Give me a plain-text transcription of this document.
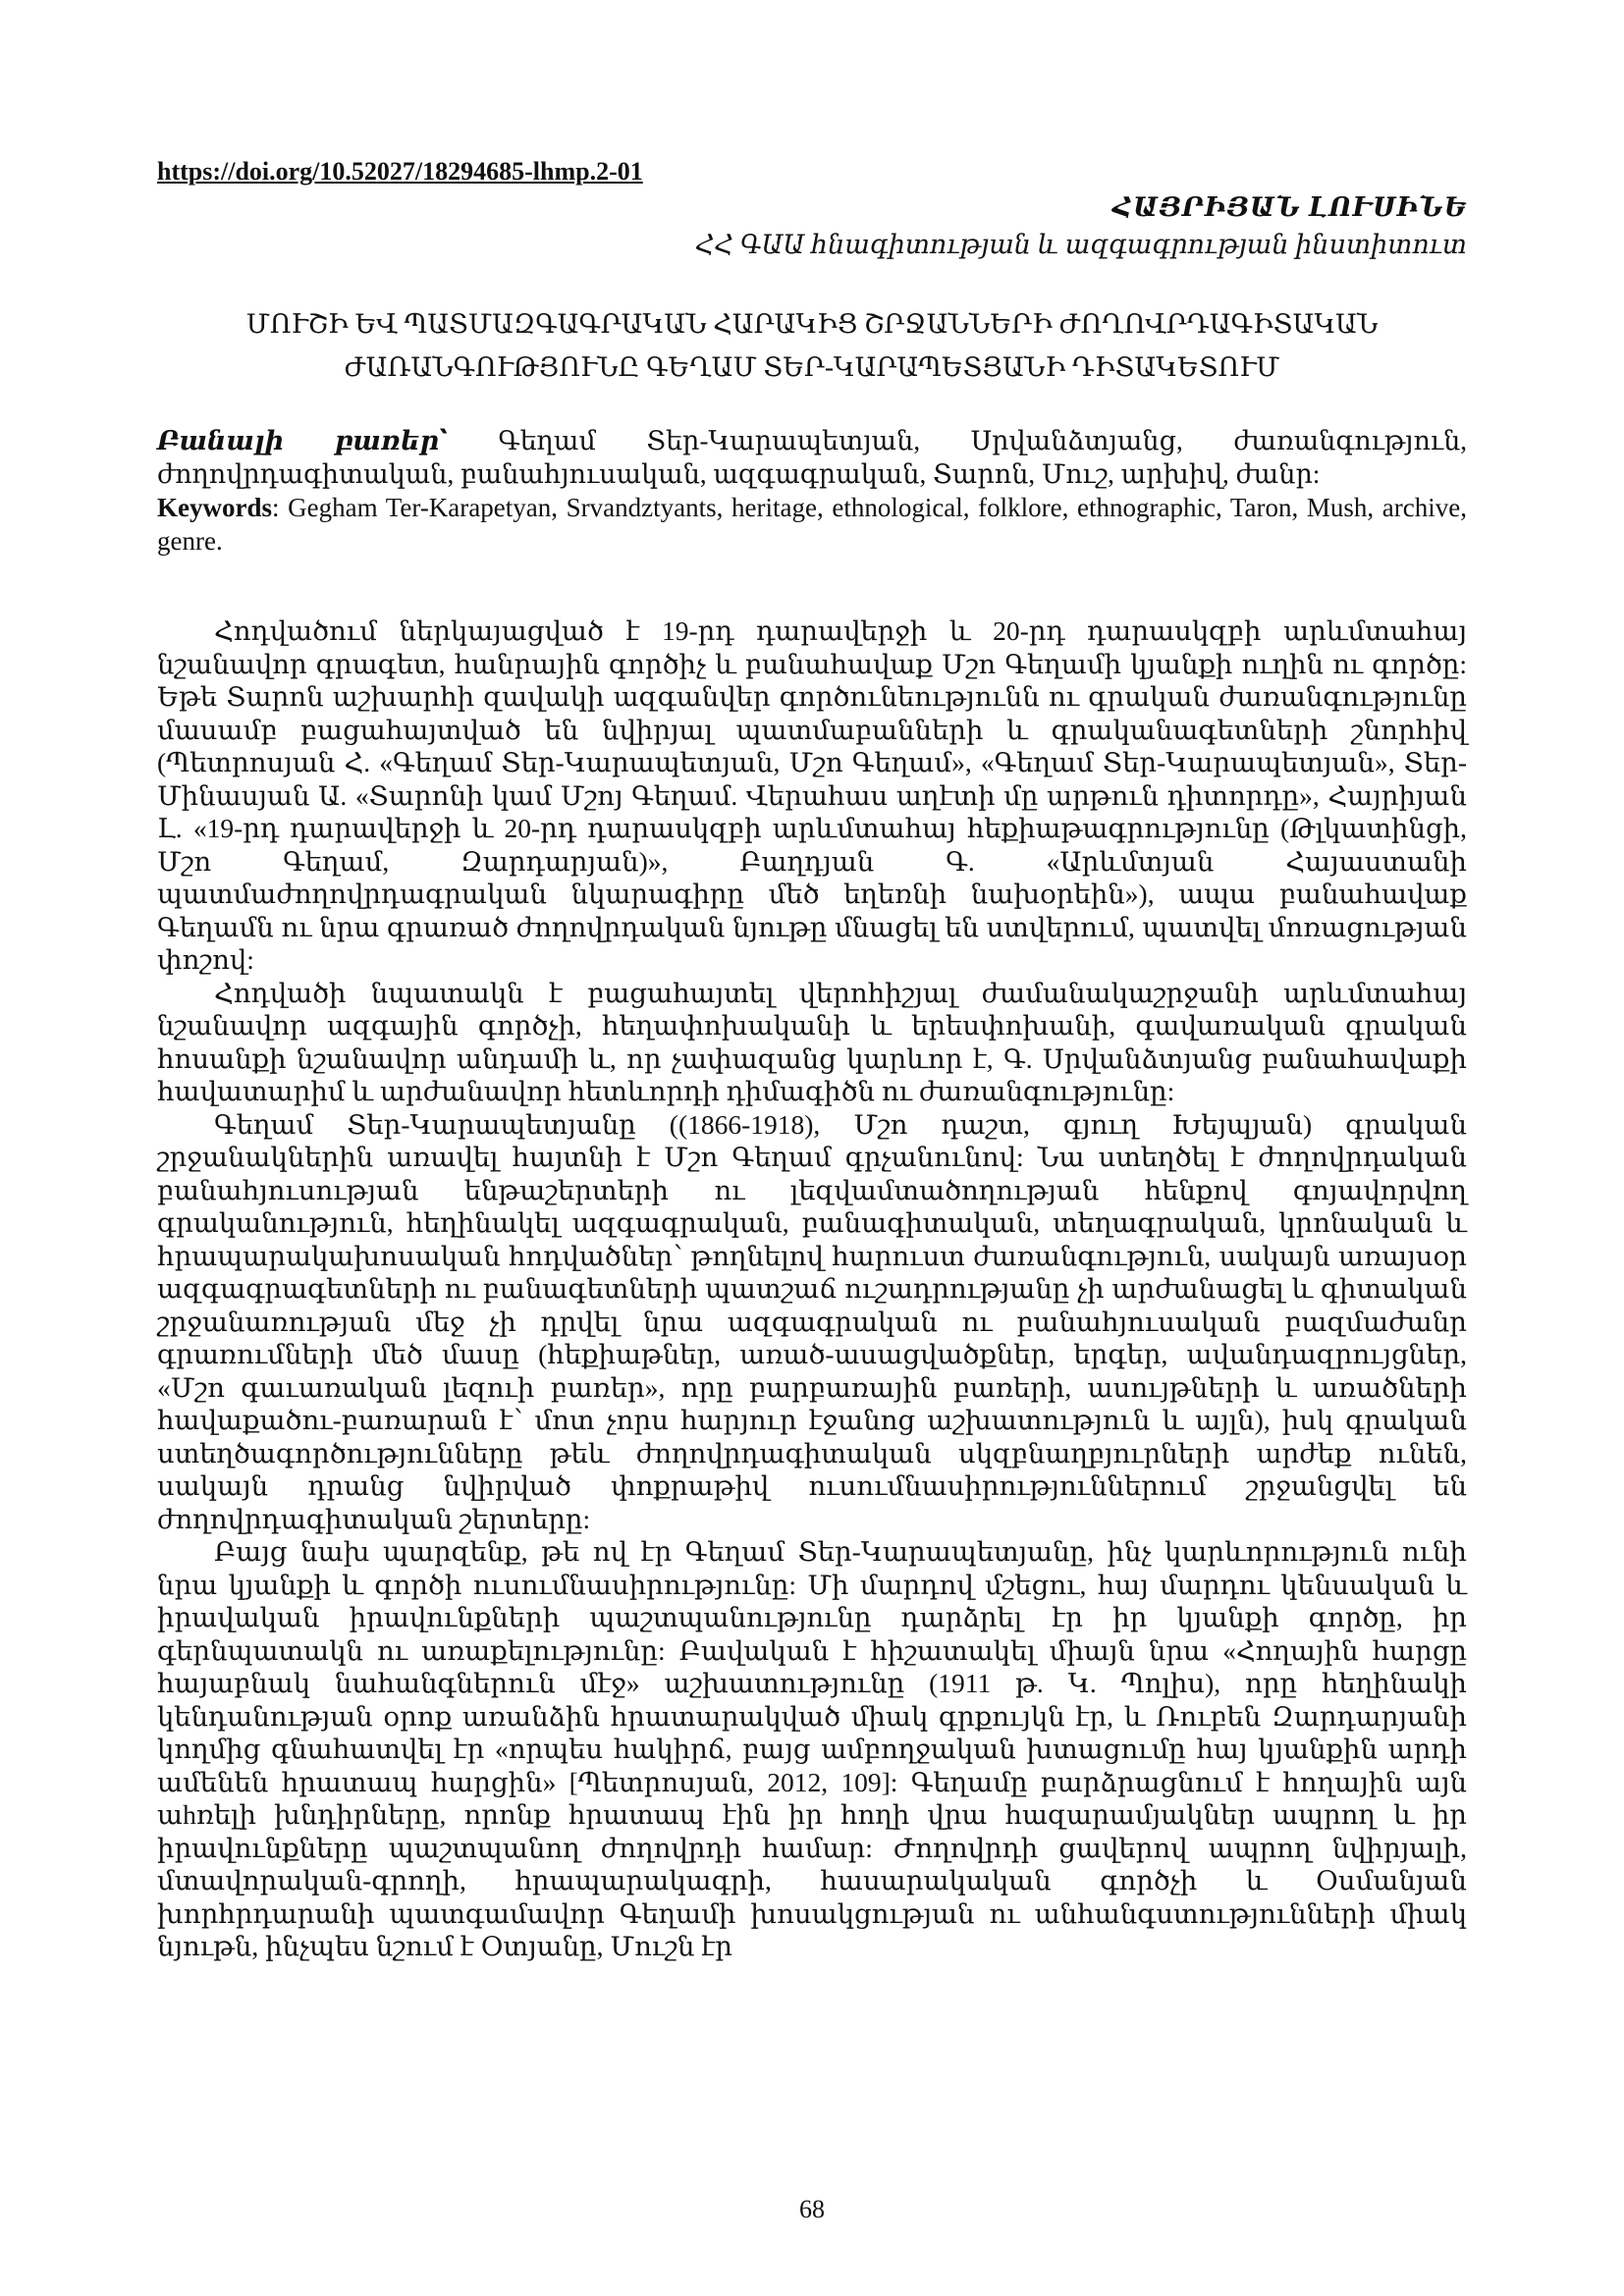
https://doi.org/10.52027/18294685-lhmp.2-01
ՀԱՅՐԻՅԱՆ ԼՈՒՍԻՆԵ
ՀՀ ԳԱԱ հնագիտության և ազգագրության ինստիտուտ
ՄՈՒՇԻ ԵՎ ՊԱՏՄԱԶԳԱԳՐԱԿԱՆ ՀԱՐԱԿԻՑ ՇՐՋԱՆՆԵՐԻ ԺՈՂՈՎՐԴԱԳԻՏԱԿԱՆ
ԺԱՌԱՆԳՈՒԹՅՈՒՆԸ ԳԵՂԱՄ ՏԵՐ-ԿԱՐԱՊԵՏՅԱՆԻ ԴԻՏԱԿԵՏՈՒՄ

Բանալի բառեր՝ Գեղամ Տեր-Կարապետյան, Սրվանձտյանց, ժառանգություն, ժողովրդագիտական, բանահյուսական, ազգագրական, Տարոն, Մուշ, արխիվ, ժանր:

Keywords: Gegham Ter-Karapetyan, Srvandztyants, heritage, ethnological, folklore, ethnographic, Taron, Mush, archive, genre.

Հոդվածում ներկայացված է 19-րդ դարավերջի և 20-րդ դարասկզբի արևմտահայ նշանավոր գրագետ, հանրային գործիչ և բանահավաք Մշո Գեղամի կյանքի ուղին ու գործը: Եթե Տարոն աշխարհի զավակի ազգանվեր գործունեությունն ու գրական ժառանգությունը մասամբ բացահայտված են նվիրյալ պատմաբանների և գրականագետների շնորհիվ (Պետրոսյան Հ. «Գեղամ Տեր-Կարապետյան, Մշո Գեղամ», «Գեղամ Տեր-Կարապետյան», Տեր-Մինասյան Ա. «Տարոնի կամ Մշոյ Գեղամ. Վերահաս աղէտի մը արթուն դիտորդը», Հայրիյան Լ. «19-րդ դարավերջի և 20-րդ դարասկզբի արևմտահայ հեքիաթագրությունը (Թլկատինցի, Մշո Գեղամ, Զարդարյան)», Բաղդյան Գ. «Արևմտյան Հայաստանի պատմաժողովրդագրական նկարագիրը մեծ եղեռնի նախօրեին»), ապա բանահավաք Գեղամն ու նրա գրառած ժողովրդական նյութը մնացել են ստվերում, պատվել մոռացության փոշով:

Հոդվածի նպատակն է բացահայտել վերոհիշյալ ժամանակաշրջանի արևմտահայ նշանավոր ազգային գործչի, հեղափոխականի և երեսփոխանի, գավառական գրական հոսանքի նշանավոր անդամի և, որ չափազանց կարևոր է, Գ. Սրվանձտյանց բանահավաքի հավատարիմ և արժանավոր հետևորդի դիմագիծն ու ժառանգությունը:

Գեղամ Տեր-Կարապետյանը ((1866-1918), Մշո դաշտ, գյուղ Խեյպյան) գրական շրջանակներին առավել հայտնի է Մշո Գեղամ գրչանունով: Նա ստեղծել է ժողովրդական բանահյուսության ենթաշերտերի ու լեզվամտածողության հենքով գոյավորվող գրականություն, հեղինակել ազգագրական, բանագիտական, տեղագրական, կրոնական և հրապարակախոսական հոդվածներ՝ թողնելով հարուստ ժառանգություն, սակայն առայսօր ազգագրագետների ու բանագետների պատշաճ ուշադրությանը չի արժանացել և գիտական շրջանառության մեջ չի դրվել նրա ազգագրական ու բանահյուսական բազմաժանր գրառումների մեծ մասը (հեքիաթներ, առած-ասացվածքներ, երգեր, ավանդազրույցներ, «Մշո գաւառական լեզուի բառեր», որը բարբառային բառերի, ասույթների և առածների հավաքածու-բառարան է՝ մոտ չորս հարյուր էջանոց աշխատություն և այլն), իսկ գրական ստեղծագործությունները թեև ժողովրդագիտական սկզբնաղբյուրների արժեք ունեն, սակայն դրանց նվիրված փոքրաթիվ ուսումնասիրություններում շրջանցվել են ժողովրդագիտական շերտերը:

Բայց նախ պարզենք, թե ով էր Գեղամ Տեր-Կարապետյանը, ինչ կարևորություն ունի նրա կյանքի և գործի ուսումնասիրությունը: Մի մարդով մշեցու, հայ մարդու կենսական և իրավական իրավունքների պաշտպանությունը դարձրել էր իր կյանքի գործը, իր գերնպատակն ու առաքելությունը: Բավական է հիշատակել միայն նրա «Հողային հարցը հայաբնակ նահանգներուն մէջ» աշխատությունը (1911 թ. Կ. Պոլիս), որը հեղինակի կենդանության օրոք առանձին հրատարակված միակ գրքույկն էր, և Ռուբեն Զարդարյանի կողմից գնահատվել էր «որպես հակիրճ, բայց ամբողջական խտացումը հայ կյանքին արդի ամենեն հրատապ հարցին» [Պետրոսյան, 2012, 109]: Գեղամը բարձրացնում է հողային այն աhռելի խնդիրները, որոնք հրատապ էին իր հողի վրա հազարամյակներ ապրող և իր իրավունքները պաշտպանող ժողովրդի համար: Ժողովրդի ցավերով ապրող նվիրյալի, մտավորական-գրողի, հրապարակագրի, հասարակական գործչի և Օսմանյան խորհրդարանի պատգամավոր Գեղամի խոսակցության ու անհանգստությունների միակ նյութն, ինչպես նշում է Օտյանը, Մուշն էր

68
